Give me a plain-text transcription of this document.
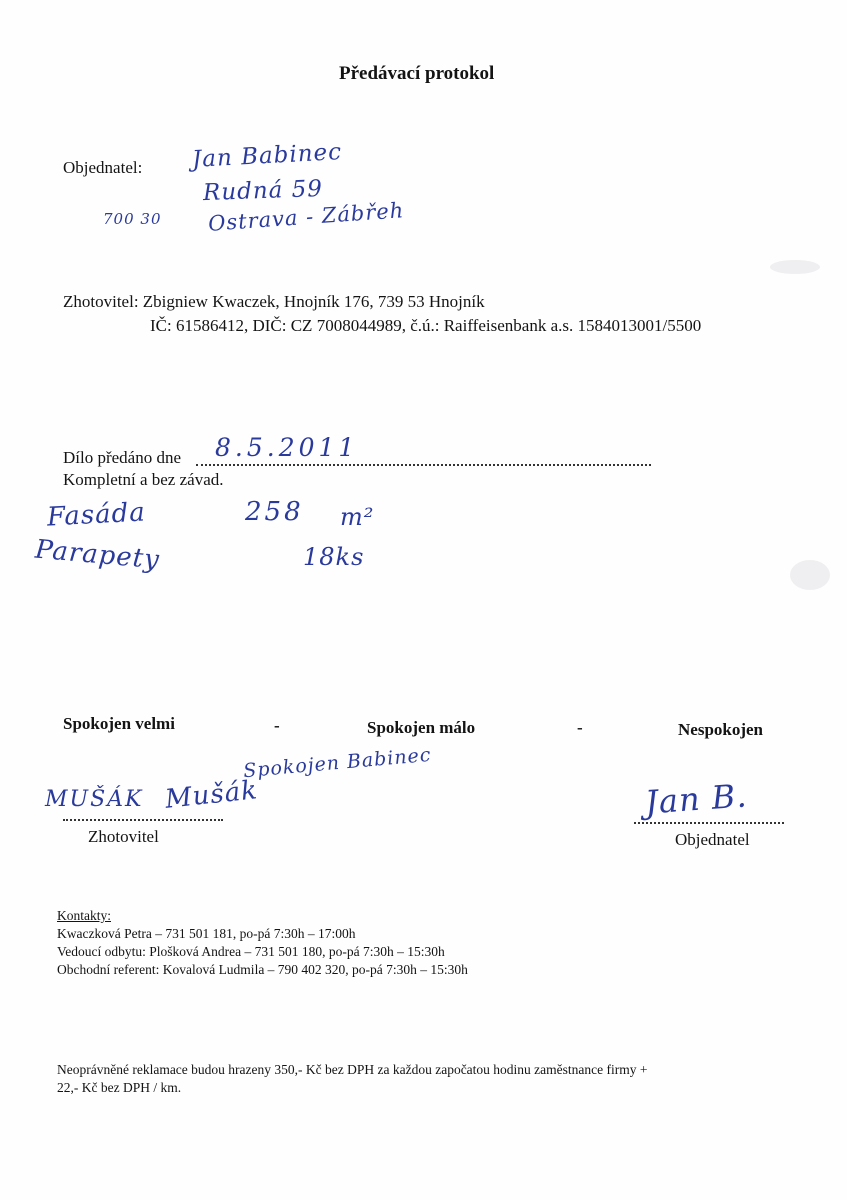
Předávací protokol
Objednatel: Jan Babinec
Rudná 59
700 30 Ostrava - Zábřeh
Zhotovitel: Zbigniew Kwaczek, Hnojník 176, 739 53 Hnojník
IČ: 61586412, DIČ: CZ 7008044989, č.ú.: Raiffeisenbank a.s. 1584013001/5500
Dílo předáno dne 8.5.2011
Kompletní a bez závad.
Fasáda	258 m²
Parapety	18ks
Spokojen velmi	-	Spokojen málo	-	Nespokojen
Spokojen Babinec
MUŠÁK Mušák
Zhotovitel
Jan B.
Objednatel
Kontakty:
Kwaczková Petra – 731 501 181, po-pá 7:30h – 17:00h
Vedoucí odbytu: Plošková Andrea – 731 501 180, po-pá 7:30h – 15:30h
Obchodní referent: Kovalová Ludmila – 790 402 320, po-pá 7:30h – 15:30h
Neoprávněné reklamace budou hrazeny 350,- Kč bez DPH za každou započatou hodinu zaměstnance firmy +
22,- Kč bez DPH / km.
